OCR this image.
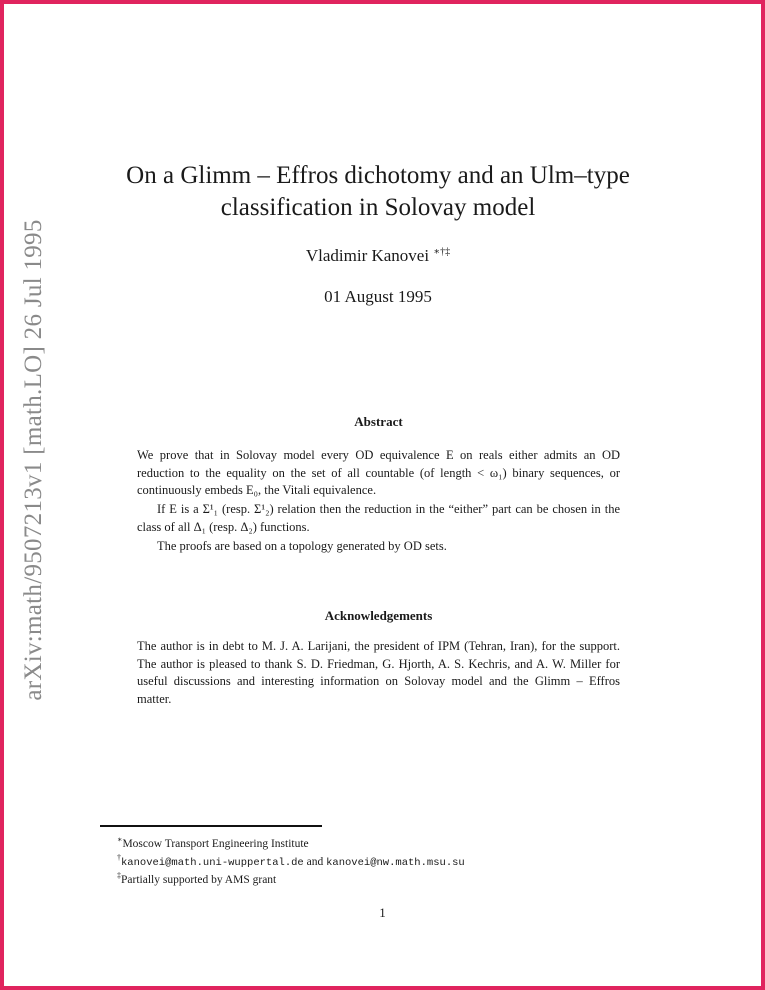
arXiv:math/9507213v1 [math.LO] 26 Jul 1995
On a Glimm – Effros dichotomy and an Ulm–type
classification in Solovay model
Vladimir Kanovei ∗†‡
01 August 1995
Abstract

We prove that in Solovay model every OD equivalence E on reals either admits an OD reduction to the equality on the set of all countable (of length < ω₁) binary sequences, or continuously embeds E₀, the Vitali equivalence.

If E is a Σ¹₁ (resp. Σ¹₂) relation then the reduction in the “either” part can be chosen in the class of all Δ₁ (resp. Δ₂) functions.

The proofs are based on a topology generated by OD sets.

Acknowledgements

The author is in debt to M. J. A. Larijani, the president of IPM (Tehran, Iran), for the support. The author is pleased to thank S. D. Friedman, G. Hjorth, A. S. Kechris, and A. W. Miller for useful discussions and interesting information on Solovay model and the Glimm – Effros matter.

∗Moscow Transport Engineering Institute

†kanovei@math.uni-wuppertal.de and kanovei@nw.math.msu.su

‡Partially supported by AMS grant

1
